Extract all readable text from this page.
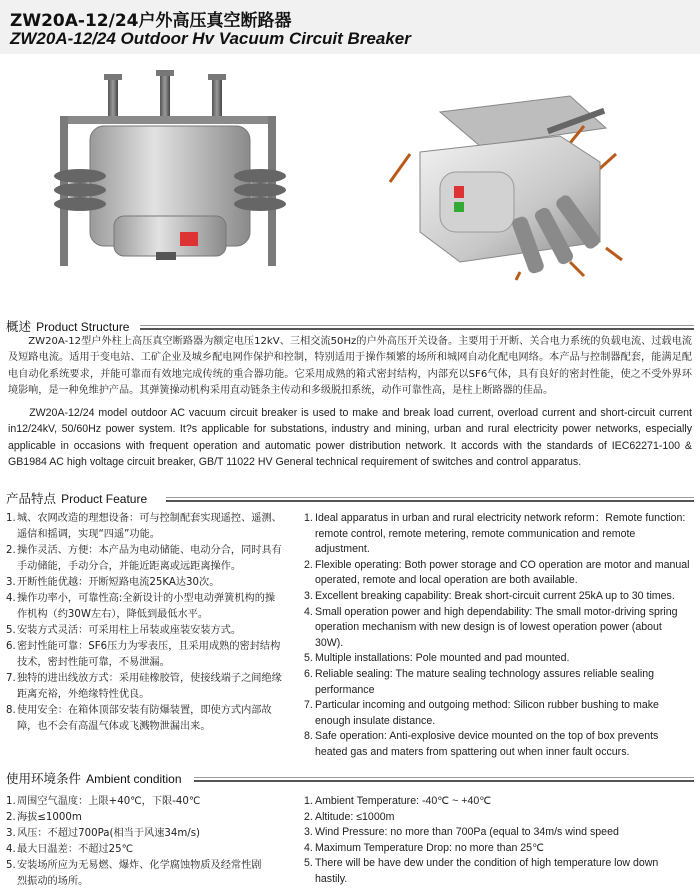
ZW20A-12/24户外高压真空断路器
ZW20A-12/24 Outdoor Hv Vacuum Circuit Breaker
概述 Product Structure
ZW20A-12型户外柱上高压真空断路器为额定电压12kV、三相交流50Hz的户外高压开关设备。主要用于开断、关合电力系统的负载电流、过载电流及短路电流。适用于变电站、工矿企业及城乡配电网作保护和控制，特别适用于操作频繁的场所和城网自动化配电网络。本产品与控制器配套，能满足配电自动化系统要求，并能可靠而有效地完成传统的重合器功能。它采用成熟的箱式密封结构，内部充以SF6气体，具有良好的密封性能，使之不受外界环境影响，是一种免维护产品。其弹簧操动机构采用直动链条主传动和多级脱扣系统，动作可靠性高，是柱上断路器的佳品。
ZW20A-12/24 model outdoor AC vacuum circuit breaker is used to make and break load current, overload current and short-circuit current in12/24kV, 50/60Hz power system. It?s applicable for substations, industry and mining, urban and rural electricity power networks, especially applicable in occasions with frequent operation and automatic power distribution network. It accords with the standards of IEC62271-100 & GB1984 AC high voltage circuit breaker, GB/T 11022 HV General technical requirement of switches and control apparatus.
产品特点 Product Feature
1. 城、农网改造的理想设备：可与控制配套实现遥控、遥测、遥信和摇调，实现“四遥”功能。
2. 操作灵活、方便：本产品为电动储能、电动分合，同时具有手动储能，手动分合，并能近距离或远距离操作。
3. 开断性能优越：开断短路电流25KA达30次。
4. 操作功率小，可靠性高:全新设计的小型电动弹簧机构的操作机构（约30W左右），降低到最低水平。
5. 安装方式灵活：可采用柱上吊装或座装安装方式。
6. 密封性能可靠：SF6压力为零表压，且采用成熟的密封结构技术，密封性能可靠，不易泄漏。
7. 独特的进出线放方式：采用硅橡胶管，使接线端子之间绝缘距离充裕，外绝缘特性优良。
8. 使用安全：在箱体顶部安装有防爆装置，即使方式内部故障，也不会有高温气体或飞溅物泄漏出来。
1. Ideal apparatus in urban and rural electricity network reform：Remote function: remote control, remote metering, remote communication and remote adjustment.
2. Flexible operating: Both power storage and CO operation are motor and manual operated, remote and local operation are both available.
3. Excellent breaking capability: Break short-circuit current 25kA up to 30 times.
4. Small operation power and high dependability: The small motor-driving spring operation mechanism with new design is of lowest operation power (about 30W).
5. Multiple installations: Pole mounted and pad mounted.
6. Reliable sealing: The mature sealing technology assures reliable sealing performance
7. Particular incoming and outgoing method: Silicon rubber bushing to make enough insulate distance.
8. Safe operation: Anti-explosive device mounted on the top of box prevents heated gas and maters from spattering out when inner fault occurs.
使用环境条件 Ambient condition
1. 周围空气温度：上限+40℃，下限-40℃
2. 海拔≤1000m
3. 风压：不超过700Pa(相当于风速34m/s)
4. 最大日温差：不超过25℃
5. 安装场所应为无易燃、爆炸、化学腐蚀物质及经常性剧烈振动的场所。
1. Ambient Temperature: -40℃ ~ +40℃
2. Altitude: ≤1000m
3. Wind Pressure: no more than 700Pa (equal to 34m/s wind speed
4. Maximum Temperature Drop: no more than 25℃
5. There will be have dew under the condition of high temperature low down hastily.
